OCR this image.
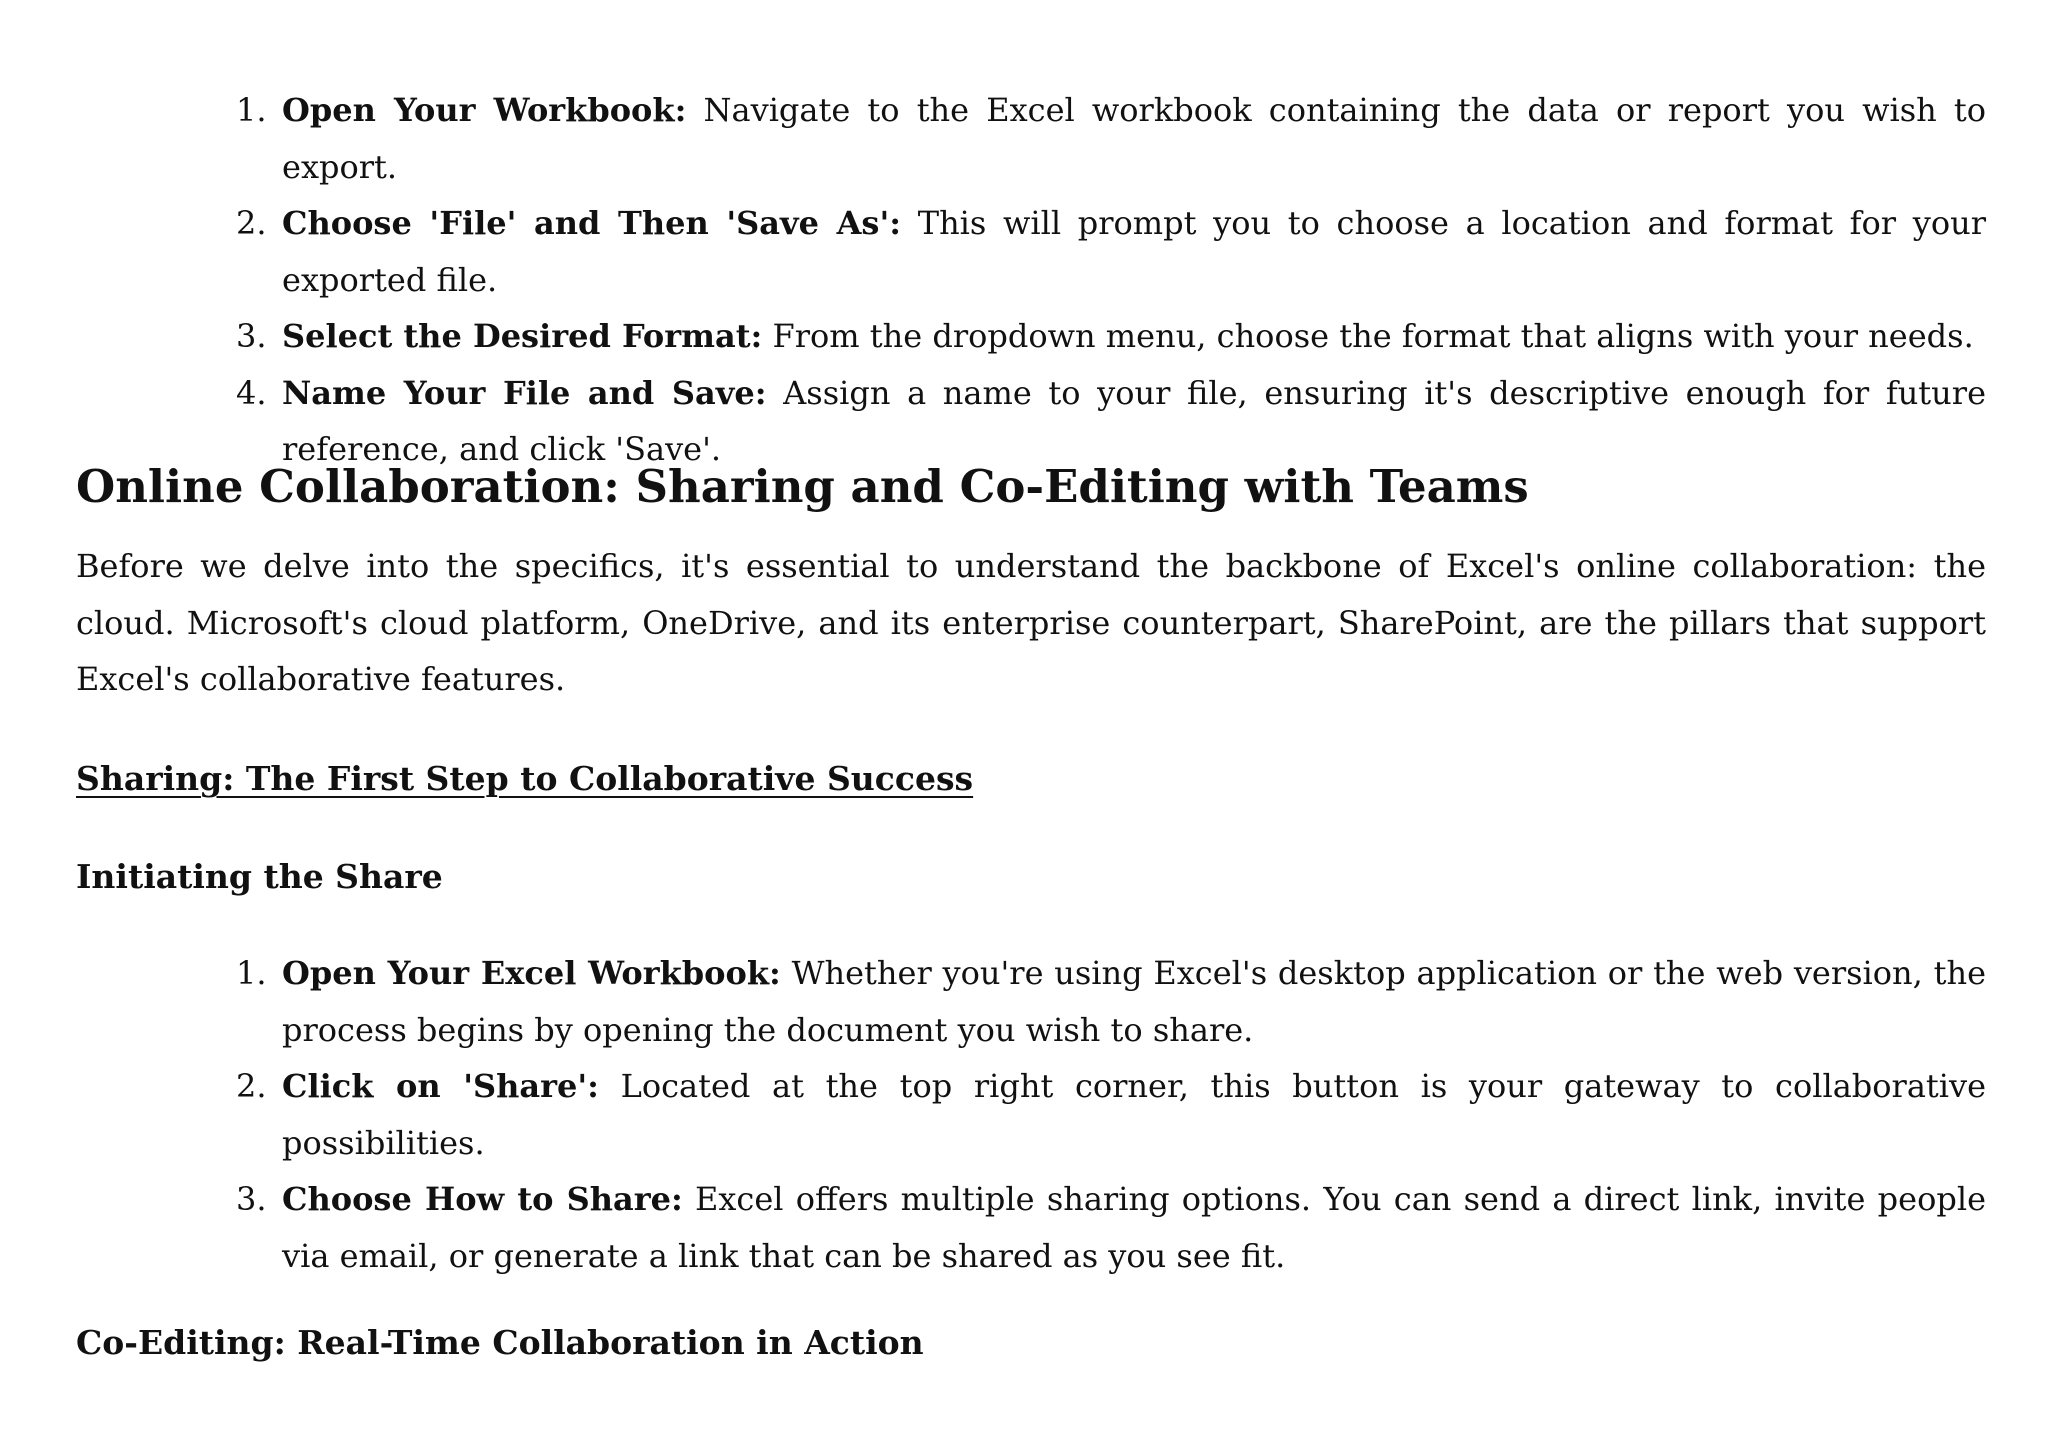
1. Open Your Workbook: Navigate to the Excel workbook containing the data or report you wish to export.
2. Choose 'File' and Then 'Save As': This will prompt you to choose a location and format for your exported file.
3. Select the Desired Format: From the dropdown menu, choose the format that aligns with your needs.
4. Name Your File and Save: Assign a name to your file, ensuring it's descriptive enough for future reference, and click 'Save'.
Online Collaboration: Sharing and Co-Editing with Teams

Before we delve into the specifics, it's essential to understand the backbone of Excel's online collaboration: the cloud. Microsoft's cloud platform, OneDrive, and its enterprise counterpart, SharePoint, are the pillars that support Excel's collaborative features.

Sharing: The First Step to Collaborative Success
Initiating the Share
1. Open Your Excel Workbook: Whether you're using Excel's desktop application or the web version, the process begins by opening the document you wish to share.
2. Click on 'Share': Located at the top right corner, this button is your gateway to collaborative possibilities.
3. Choose How to Share: Excel offers multiple sharing options. You can send a direct link, invite people via email, or generate a link that can be shared as you see fit.
Co-Editing: Real-Time Collaboration in Action
